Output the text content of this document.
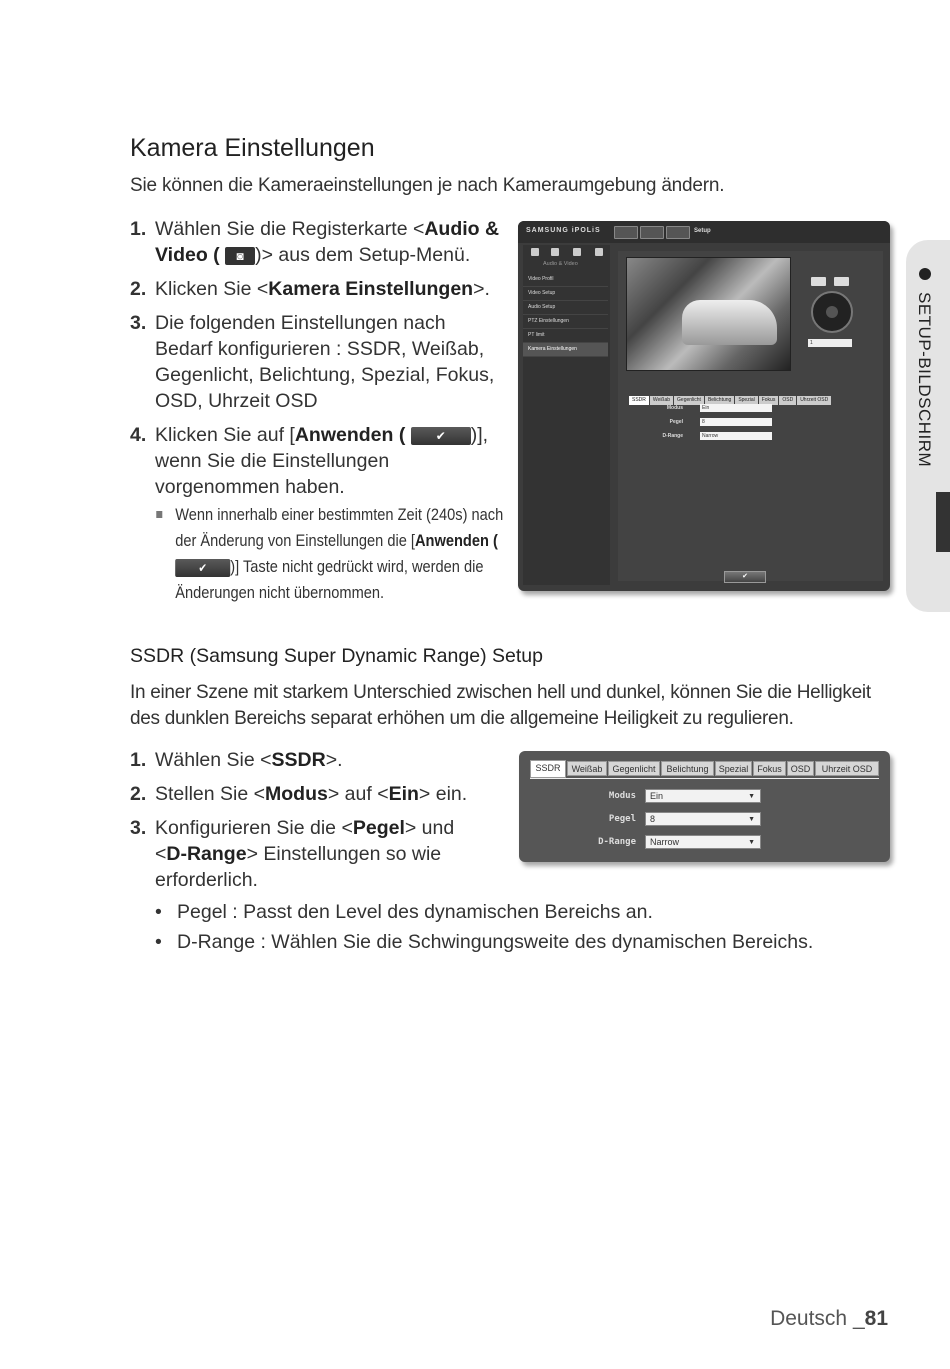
Kamera Einstellungen
Sie können die Kameraeinstellungen je nach Kameraumgebung ändern.
1. Wählen Sie die Registerkarte <Audio & Video ( ◙ )> aus dem Setup-Menü.
2. Klicken Sie <Kamera Einstellungen>.
3. Die folgenden Einstellungen nach Bedarf konfigurieren : SSDR, Weißab, Gegenlicht, Belichtung, Spezial, Fokus, OSD, Uhrzeit OSD
4. Klicken Sie auf [Anwenden (	✔ )], wenn Sie die Einstellungen vorgenommen haben.
Wenn innerhalb einer bestimmten Zeit (240s) nach der Änderung von Einstellungen die [Anwenden ( ✔ )] Taste nicht gedrückt wird, werden die Änderungen nicht übernommen.
SAMSUNG iPOLiS	Setup
Audio & Video
Video Profil
Video Setup
Audio Setup
PTZ Einstellungen
PT limit
Kamera Einstellungen
1
SSDR Weißab Gegenlicht Belichtung Spezial Fokus OSD Uhrzeit OSD
Modus	Ein
Pegel	8
D-Range	Narrow
✔
SETUP-BILDSCHIRM
SSDR (Samsung Super Dynamic Range) Setup
In einer Szene mit starkem Unterschied zwischen hell und dunkel, können Sie die Helligkeit des dunklen Bereichs separat erhöhen um die allgemeine Heiligkeit zu regulieren.
1. Wählen Sie <SSDR>.
2. Stellen Sie <Modus> auf <Ein> ein.
3. Konfigurieren Sie die <Pegel> und <D-Range> Einstellungen so wie erforderlich.
• Pegel : Passt den Level des dynamischen Bereichs an.
• D-Range : Wählen Sie die Schwingungsweite des dynamischen Bereichs.
SSDR	Weißab	Gegenlicht	Belichtung	Spezial Fokus OSD	Uhrzeit OSD
Modus	Ein	▼
Pegel	8	▼
D-Range	Narrow	▼
Deutsch _81
